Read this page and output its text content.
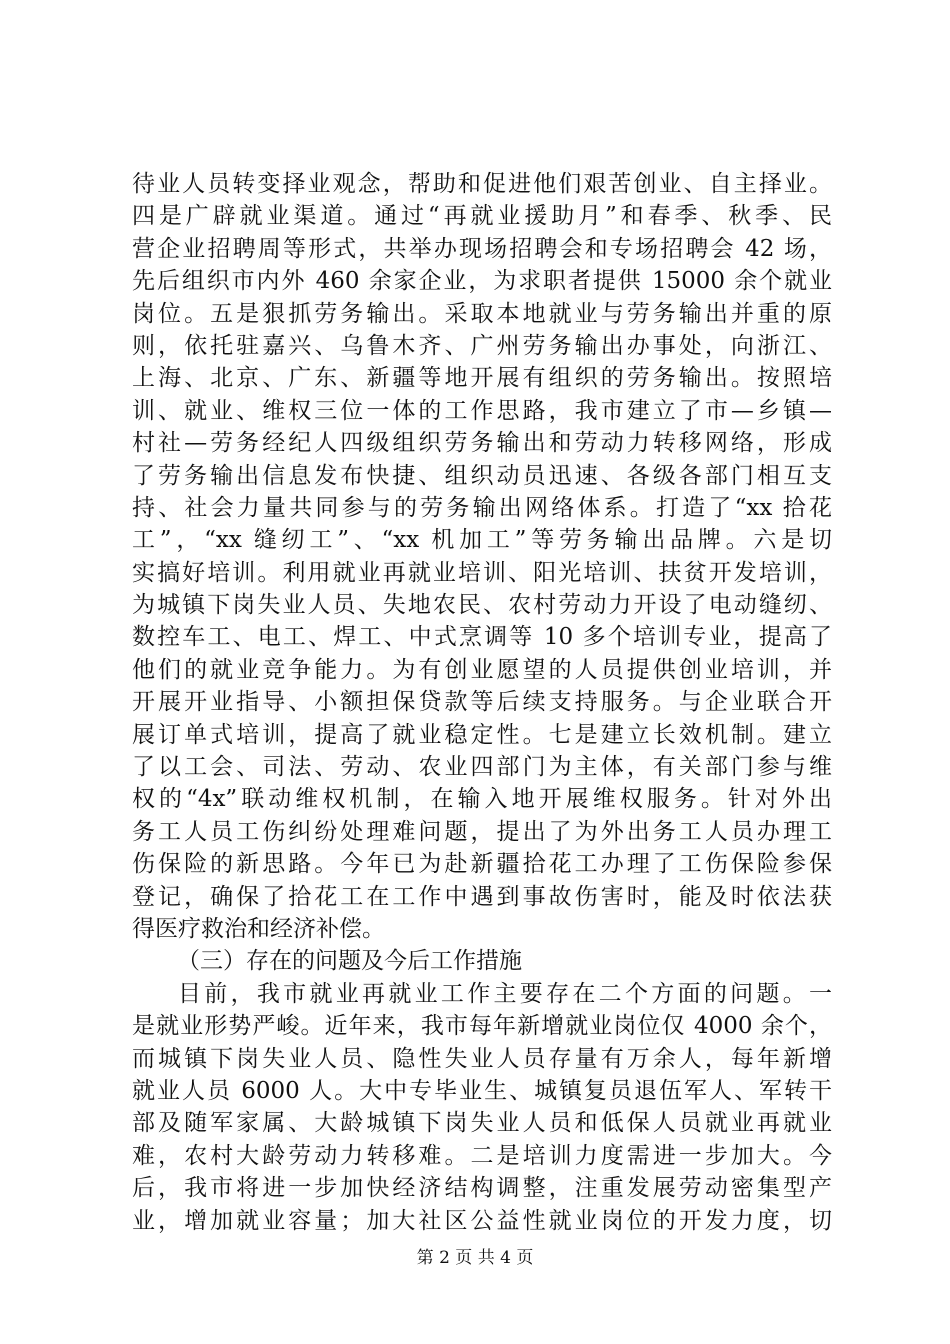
待业人员转变择业观念，帮助和促进他们艰苦创业、自主择业。
四是广辟就业渠道。通过“再就业援助月”和春季、秋季、民
营企业招聘周等形式，共举办现场招聘会和专场招聘会 42 场，
先后组织市内外 460 余家企业，为求职者提供 15000 余个就业
岗位。五是狠抓劳务输出。采取本地就业与劳务输出并重的原
则，依托驻嘉兴、乌鲁木齐、广州劳务输出办事处，向浙江、
上海、北京、广东、新疆等地开展有组织的劳务输出。按照培
训、就业、维权三位一体的工作思路，我市建立了市—乡镇—
村社—劳务经纪人四级组织劳务输出和劳动力转移网络，形成
了劳务输出信息发布快捷、组织动员迅速、各级各部门相互支
持、社会力量共同参与的劳务输出网络体系。打造了“xx 拾花
工”，“xx 缝纫工”、“xx 机加工”等劳务输出品牌。六是切
实搞好培训。利用就业再就业培训、阳光培训、扶贫开发培训，
为城镇下岗失业人员、失地农民、农村劳动力开设了电动缝纫、
数控车工、电工、焊工、中式烹调等 10 多个培训专业，提高了
他们的就业竞争能力。为有创业愿望的人员提供创业培训，并
开展开业指导、小额担保贷款等后续支持服务。与企业联合开
展订单式培训，提高了就业稳定性。七是建立长效机制。建立
了以工会、司法、劳动、农业四部门为主体，有关部门参与维
权的“4x”联动维权机制，在输入地开展维权服务。针对外出
务工人员工伤纠纷处理难问题，提出了为外出务工人员办理工
伤保险的新思路。今年已为赴新疆拾花工办理了工伤保险参保
登记，确保了拾花工在工作中遇到事故伤害时，能及时依法获
得医疗救治和经济补偿。
（三）存在的问题及今后工作措施
目前，我市就业再就业工作主要存在二个方面的问题。一
是就业形势严峻。近年来，我市每年新增就业岗位仅 4000 余个，
而城镇下岗失业人员、隐性失业人员存量有万余人，每年新增
就业人员 6000 人。大中专毕业生、城镇复员退伍军人、军转干
部及随军家属、大龄城镇下岗失业人员和低保人员就业再就业
难，农村大龄劳动力转移难。二是培训力度需进一步加大。今
后，我市将进一步加快经济结构调整，注重发展劳动密集型产
业，增加就业容量；加大社区公益性就业岗位的开发力度，切
第 2 页 共 4 页
